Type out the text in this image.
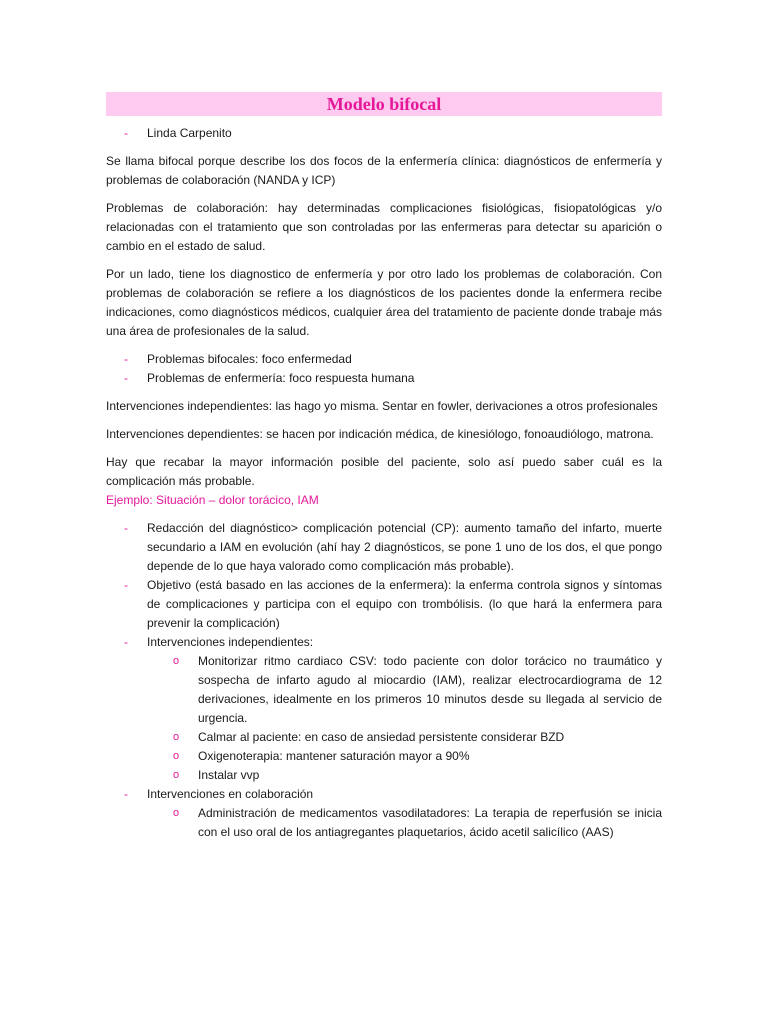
Modelo bifocal
- Linda Carpenito

Se llama bifocal porque describe los dos focos de la enfermería clínica: diagnósticos de enfermería y problemas de colaboración (NANDA y ICP)

Problemas de colaboración: hay determinadas complicaciones fisiológicas, fisiopatológicas y/o relacionadas con el tratamiento que son controladas por las enfermeras para detectar su aparición o cambio en el estado de salud.

Por un lado, tiene los diagnostico de enfermería y por otro lado los problemas de colaboración. Con problemas de colaboración se refiere a los diagnósticos de los pacientes donde la enfermera recibe indicaciones, como diagnósticos médicos, cualquier área del tratamiento de paciente donde trabaje más una área de profesionales de la salud.

- Problemas bifocales: foco enfermedad
- Problemas de enfermería: foco respuesta humana

Intervenciones independientes: las hago yo misma. Sentar en fowler, derivaciones a otros profesionales

Intervenciones dependientes: se hacen por indicación médica, de kinesiólogo, fonoaudiólogo, matrona.

Hay que recabar la mayor información posible del paciente, solo así puedo saber cuál es la complicación más probable.

Ejemplo: Situación – dolor torácico, IAM

- Redacción del diagnóstico> complicación potencial (CP): aumento tamaño del infarto, muerte secundario a IAM en evolución (ahí hay 2 diagnósticos, se pone 1 uno de los dos, el que pongo depende de lo que haya valorado como complicación más probable).
- Objetivo (está basado en las acciones de la enfermera): la enferma controla signos y síntomas de complicaciones y participa con el equipo con trombólisis. (lo que hará la enfermera para prevenir la complicación)
- Intervenciones independientes:
o Monitorizar ritmo cardiaco CSV: todo paciente con dolor torácico no traumático y sospecha de infarto agudo al miocardio (IAM), realizar electrocardiograma de 12 derivaciones, idealmente en los primeros 10 minutos desde su llegada al servicio de urgencia.
o Calmar al paciente: en caso de ansiedad persistente considerar BZD
o Oxigenoterapia: mantener saturación mayor a 90%
o Instalar vvp
- Intervenciones en colaboración
o Administración de medicamentos vasodilatadores: La terapia de reperfusión se inicia con el uso oral de los antiagregantes plaquetarios, ácido acetil salicílico (AAS)
